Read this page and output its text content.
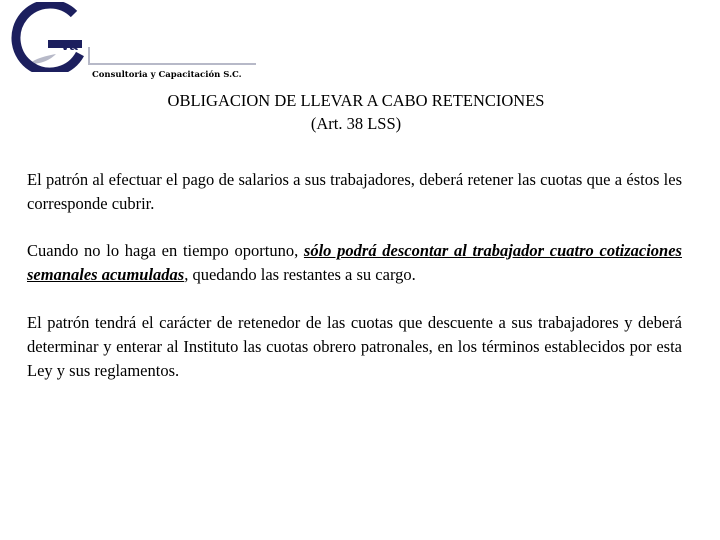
va
Consultoria y Capacitación S.C.
OBLIGACION DE LLEVAR A CABO RETENCIONES
(Art. 38 LSS)

El patrón al efectuar el pago de salarios a sus trabajadores, deberá retener las cuotas que a éstos les corresponde cubrir.

Cuando no lo haga en tiempo oportuno, sólo podrá descontar al trabajador cuatro cotizaciones semanales acumuladas, quedando las restantes a su cargo.

El patrón tendrá el carácter de retenedor de las cuotas que descuente a sus trabajadores y deberá determinar y enterar al Instituto las cuotas obrero patronales, en los términos establecidos por esta Ley y sus reglamentos.
